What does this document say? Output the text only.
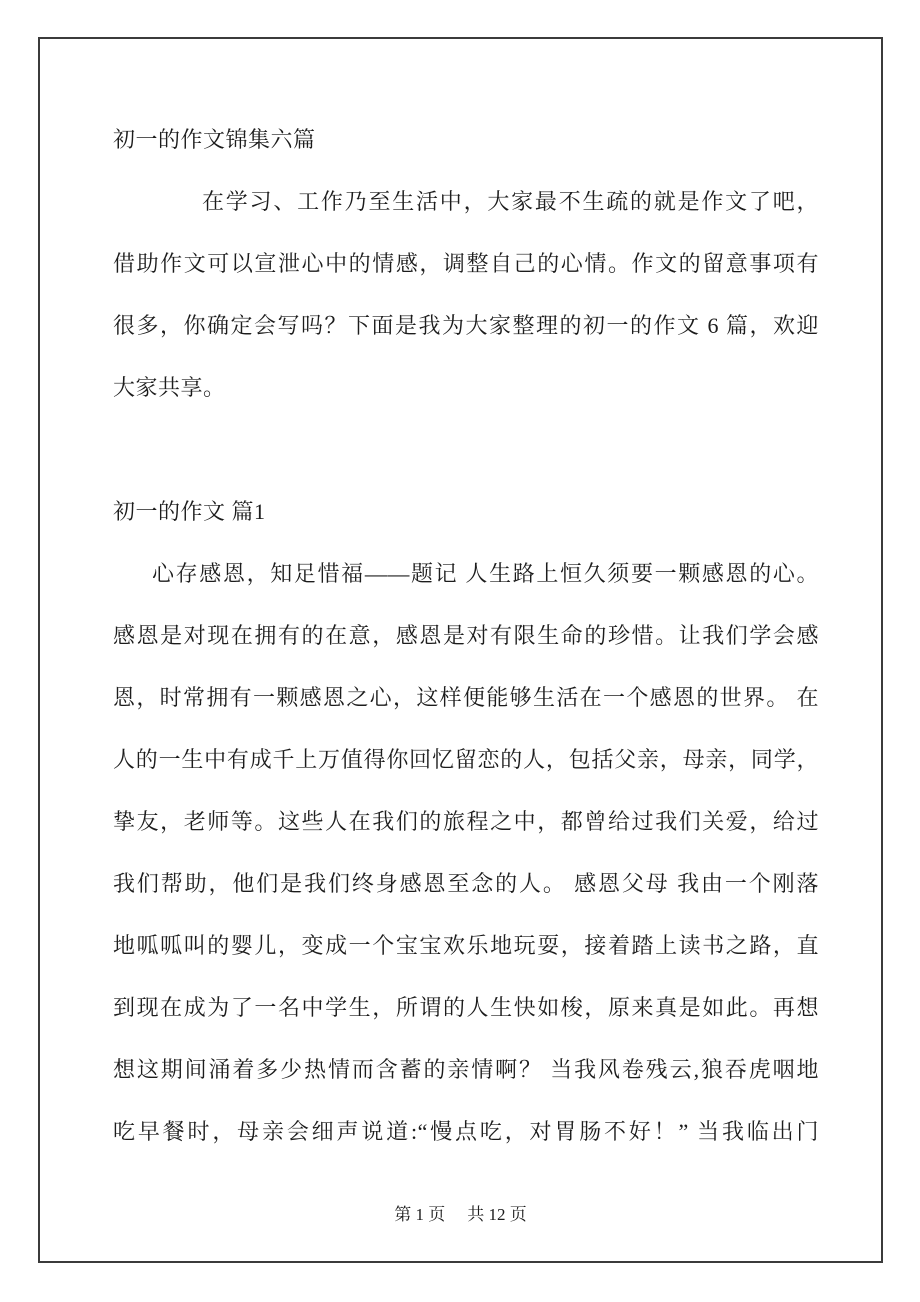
初一的作文锦集六篇
在学习、工作乃至生活中，大家最不生疏的就是作文了吧，
借助作文可以宣泄心中的情感，调整自己的心情。作文的留意事项有
很多，你确定会写吗？下面是我为大家整理的初一的作文 6 篇，欢迎
大家共享。
初一的作文 篇1
心存感恩，知足惜福——题记 人生路上恒久须要一颗感恩的心。
感恩是对现在拥有的在意，感恩是对有限生命的珍惜。让我们学会感
恩，时常拥有一颗感恩之心，这样便能够生活在一个感恩的世界。 在
人的一生中有成千上万值得你回忆留恋的人，包括父亲，母亲，同学，
挚友，老师等。这些人在我们的旅程之中，都曾给过我们关爱，给过
我们帮助，他们是我们终身感恩至念的人。 感恩父母 我由一个刚落
地呱呱叫的婴儿，变成一个宝宝欢乐地玩耍，接着踏上读书之路，直
到现在成为了一名中学生，所谓的人生快如梭，原来真是如此。再想
想这期间涌着多少热情而含蓄的亲情啊？ 当我风卷残云,狼吞虎咽地
吃早餐时，母亲会细声说道:“慢点吃，对胃肠不好！” 当我临出门
第 1 页 共 12 页
